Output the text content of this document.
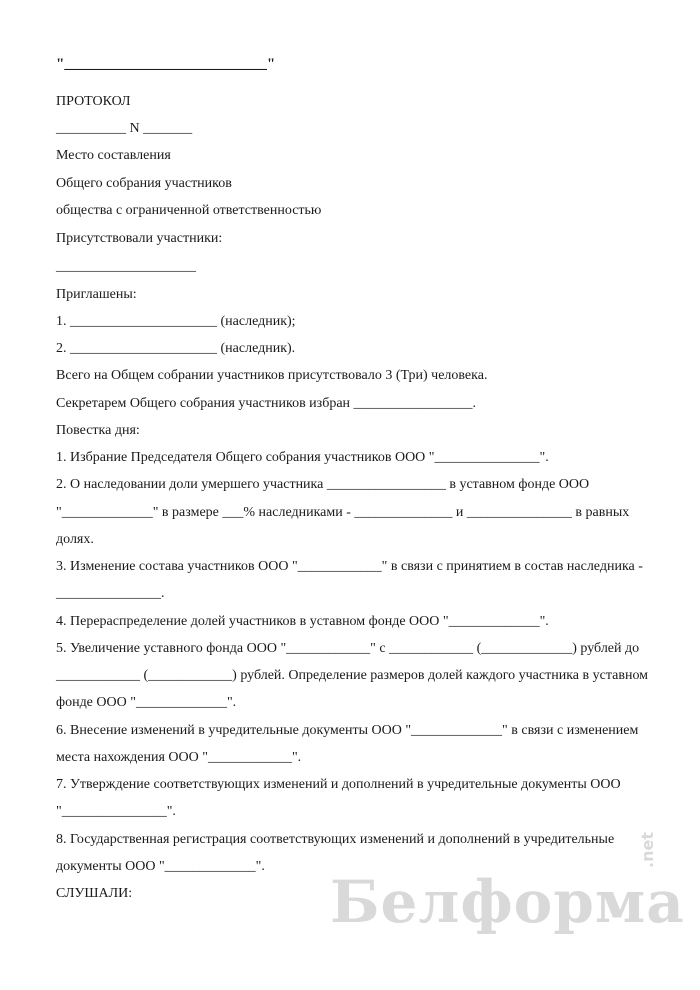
"___________________________"
ПРОТОКОЛ
__________ N _______
Место составления
Общего собрания участников
общества с ограниченной ответственностью
Присутствовали участники:
____________________
Приглашены:
1. _____________________ (наследник);
2. _____________________ (наследник).
Всего на Общем собрании участников присутствовало 3 (Три) человека.
Секретарем Общего собрания участников избран _________________.
Повестка дня:
1. Избрание Председателя Общего собрания участников ООО "_______________".
2. О наследовании доли умершего участника _________________ в уставном фонде ООО
"_____________" в размере ___% наследниками - ______________ и _______________ в равных
долях.
3. Изменение состава участников ООО "____________" в связи с принятием в состав наследника -
_______________.
4. Перераспределение долей участников в уставном фонде ООО "_____________".
5. Увеличение уставного фонда ООО "____________" с ____________ (_____________) рублей до
____________ (____________) рублей. Определение размеров долей каждого участника в уставном
фонде ООО "_____________".
6. Внесение изменений в учредительные документы ООО "_____________" в связи с изменением
места нахождения ООО "____________".
7. Утверждение соответствующих изменений и дополнений в учредительные документы ООО
"_______________".
8. Государственная регистрация соответствующих изменений и дополнений в учредительные
документы ООО "_____________".
СЛУШАЛИ:	Белформа
.net
